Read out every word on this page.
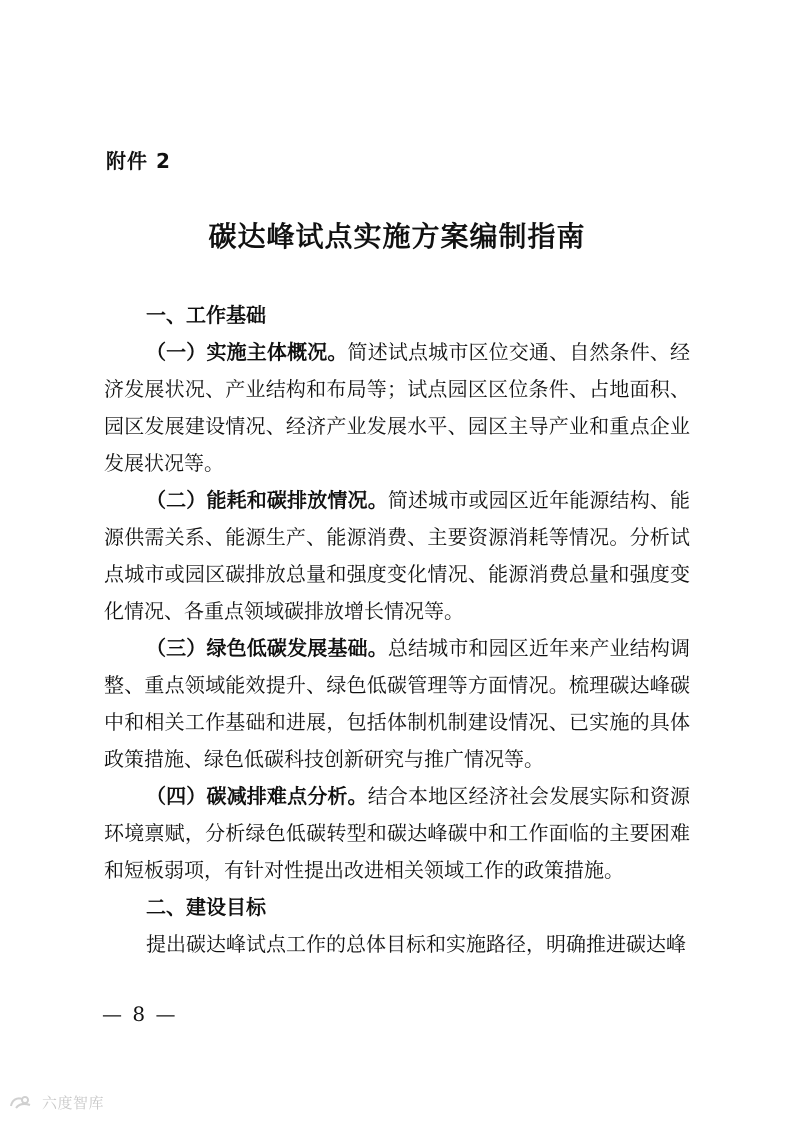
附件 2
碳达峰试点实施方案编制指南

一、工作基础

（一）实施主体概况。简述试点城市区位交通、自然条件、经济发展状况、产业结构和布局等；试点园区区位条件、占地面积、园区发展建设情况、经济产业发展水平、园区主导产业和重点企业发展状况等。

（二）能耗和碳排放情况。简述城市或园区近年能源结构、能源供需关系、能源生产、能源消费、主要资源消耗等情况。分析试点城市或园区碳排放总量和强度变化情况、能源消费总量和强度变化情况、各重点领域碳排放增长情况等。

（三）绿色低碳发展基础。总结城市和园区近年来产业结构调整、重点领域能效提升、绿色低碳管理等方面情况。梳理碳达峰碳中和相关工作基础和进展，包括体制机制建设情况、已实施的具体政策措施、绿色低碳科技创新研究与推广情况等。

（四）碳减排难点分析。结合本地区经济社会发展实际和资源环境禀赋，分析绿色低碳转型和碳达峰碳中和工作面临的主要困难和短板弱项，有针对性提出改进相关领域工作的政策措施。

二、建设目标

提出碳达峰试点工作的总体目标和实施路径，明确推进碳达峰

— 8 —
六度智库
